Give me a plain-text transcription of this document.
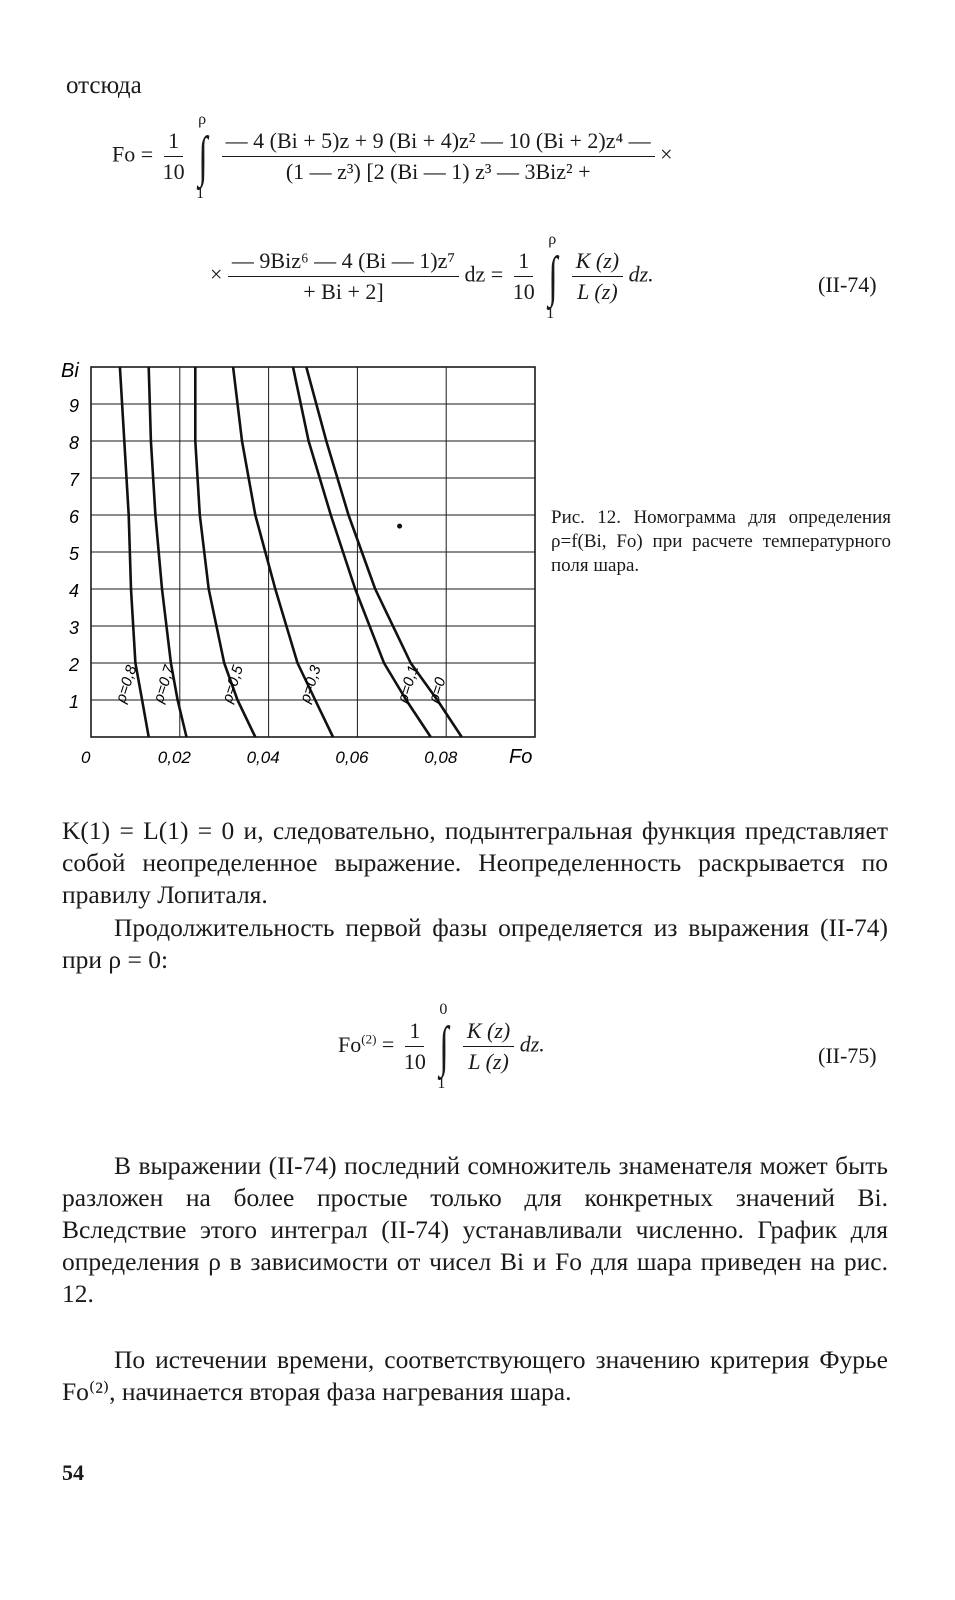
отсюда
$Fo = \frac{1}{10}$

ρ
∫
1

$\frac{\text{— 4 (Bi + 5)z + 9 (Bi + 4)z² — 10 (Bi + 2)z⁴ —}}{\text{(1 — z³) [2 (Bi — 1) z³ — 3Biz² +}}$ ×
× $\frac{\text{— 9Biz⁶ — 4 (Bi — 1)z⁷}}{+ Bi + 2]}$ dz = $\frac{1}{10}$

ρ
∫
1

$\frac{K (z)}{L (z)}$ dz.	(II-74)
ρ=0,8 ρ=0,7	ρ=0,5	ρ=0,3	ρ=0,1 ρ=0
0	0,02	0,04	0,06	0,08
1
2
3
4
5
6
7
8
9
Bi
Fo
Рис. 12. Номограмма для определения ρ=f(Bi, Fo) при расчете температурного поля шара.

K(1) = L(1) = 0 и, следовательно, подынтегральная функция представляет собой неопределенное выражение. Неопределенность раскрывается по правилу Лопиталя.

Продолжительность первой фазы определяется из выражения (II-74) при ρ = 0:

$Fo^{(2)} = \frac{1}{10}$

0
∫
1

$\frac{K (z)}{L (z)}$ dz.	(II-75)

В выражении (II-74) последний сомножитель знаменателя может быть разложен на более простые только для конкретных значений Bi. Вследствие этого интеграл (II-74) устанавливали численно. График для определения ρ в зависимости от чисел Bi и Fo для шара приведен на рис. 12.

По истечении времени, соответствующего значению критерия Фурье Fo⁽²⁾, начинается вторая фаза нагревания шара.

54
